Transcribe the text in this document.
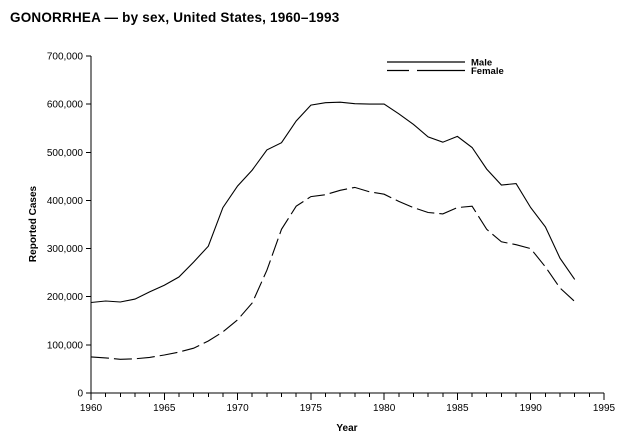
GONORRHEA — by sex, United States, 1960–1993
0
100,000
200,000
300,000
400,000
500,000
600,000
700,000
1960	1965	1970	1975	1980	1985	1990	1995
Male
Female
Reported Cases
Year
